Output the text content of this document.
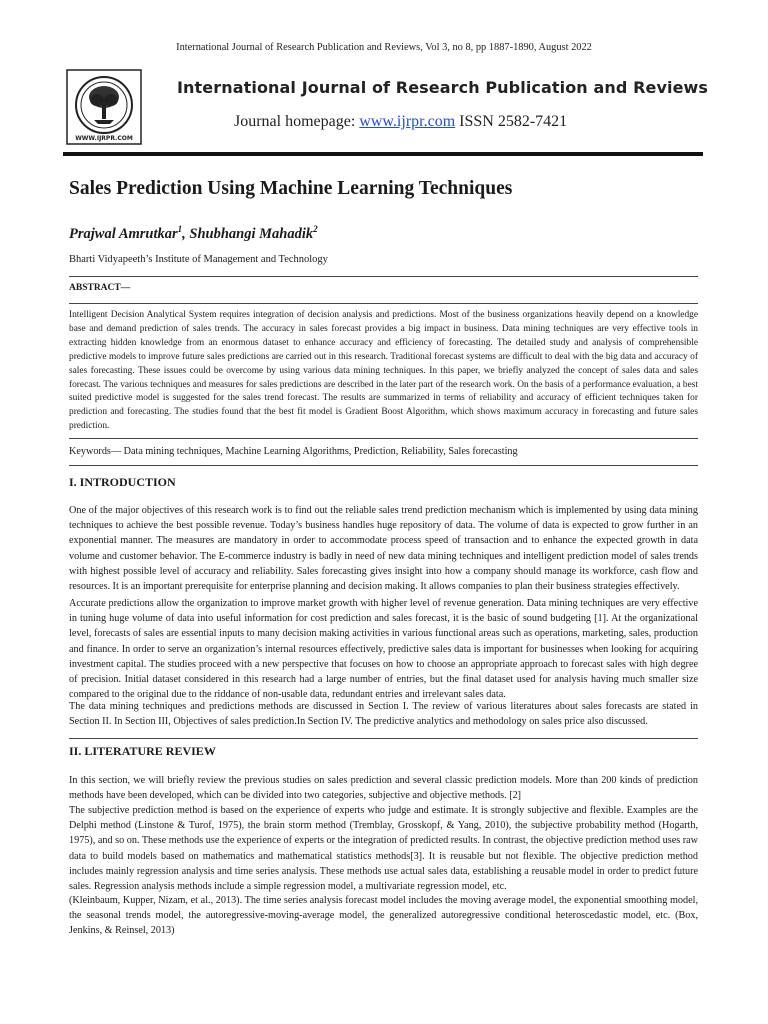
International Journal of Research Publication and Reviews, Vol 3, no 8, pp 1887-1890, August 2022
WWW.IJRPR.COM
International Journal of Research Publication and Reviews
Journal homepage: www.ijrpr.com ISSN 2582-7421
Sales Prediction Using Machine Learning Techniques
Prajwal Amrutkar$^1$, Shubhangi Mahadik$^2$
Bharti Vidyapeeth’s Institute of Management and Technology
ABSTRACT—
Intelligent Decision Analytical System requires integration of decision analysis and predictions. Most of the business organizations heavily depend on a knowledge base and demand prediction of sales trends. The accuracy in sales forecast provides a big impact in business. Data mining techniques are very effective tools in extracting hidden knowledge from an enormous dataset to enhance accuracy and efficiency of forecasting. The detailed study and analysis of comprehensible predictive models to improve future sales predictions are carried out in this research. Traditional forecast systems are difficult to deal with the big data and accuracy of sales forecasting. These issues could be overcome by using various data mining techniques. In this paper, we briefly analyzed the concept of sales data and sales forecast. The various techniques and measures for sales predictions are described in the later part of the research work. On the basis of a performance evaluation, a best suited predictive model is suggested for the sales trend forecast. The results are summarized in terms of reliability and accuracy of efficient techniques taken for prediction and forecasting. The studies found that the best fit model is Gradient Boost Algorithm, which shows maximum accuracy in forecasting and future sales prediction.
Keywords— Data mining techniques, Machine Learning Algorithms, Prediction, Reliability, Sales forecasting
I. INTRODUCTION
One of the major objectives of this research work is to find out the reliable sales trend prediction mechanism which is implemented by using data mining techniques to achieve the best possible revenue. Today’s business handles huge repository of data. The volume of data is expected to grow further in an exponential manner. The measures are mandatory in order to accommodate process speed of transaction and to enhance the expected growth in data volume and customer behavior. The E-commerce industry is badly in need of new data mining techniques and intelligent prediction model of sales trends with highest possible level of accuracy and reliability. Sales forecasting gives insight into how a company should manage its workforce, cash flow and resources. It is an important prerequisite for enterprise planning and decision making. It allows companies to plan their business strategies effectively.
Accurate predictions allow the organization to improve market growth with higher level of revenue generation. Data mining techniques are very effective in tuning huge volume of data into useful information for cost prediction and sales forecast, it is the basic of sound budgeting [1]. At the organizational level, forecasts of sales are essential inputs to many decision making activities in various functional areas such as operations, marketing, sales, production and finance. In order to serve an organization’s internal resources effectively, predictive sales data is important for businesses when looking for acquiring investment capital. The studies proceed with a new perspective that focuses on how to choose an appropriate approach to forecast sales with high degree of precision. Initial dataset considered in this research had a large number of entries, but the final dataset used for analysis having much smaller size compared to the original due to the riddance of non-usable data, redundant entries and irrelevant sales data.
The data mining techniques and predictions methods are discussed in Section I. The review of various literatures about sales forecasts are stated in Section II. In Section III, Objectives of sales prediction.In Section IV. The predictive analytics and methodology on sales price also discussed.
II. LITERATURE REVIEW
In this section, we will briefly review the previous studies on sales prediction and several classic prediction models. More than 200 kinds of prediction methods have been developed, which can be divided into two categories, subjective and objective methods. [2]
The subjective prediction method is based on the experience of experts who judge and estimate. It is strongly subjective and flexible. Examples are the Delphi method (Linstone & Turof, 1975), the brain storm method (Tremblay, Grosskopf, & Yang, 2010), the subjective probability method (Hogarth, 1975), and so on. These methods use the experience of experts or the integration of predicted results. In contrast, the objective prediction method uses raw data to build models based on mathematics and mathematical statistics methods[3]. It is reusable but not flexible. The objective prediction method includes mainly regression analysis and time series analysis. These methods use actual sales data, establishing a reusable model in order to predict future sales. Regression analysis methods include a simple regression model, a multivariate regression model, etc.
(Kleinbaum, Kupper, Nizam, et al., 2013). The time series analysis forecast model includes the moving average model, the exponential smoothing model, the seasonal trends model, the autoregressive-moving-average model, the generalized autoregressive conditional heteroscedastic model, etc. (Box, Jenkins, & Reinsel, 2013)
